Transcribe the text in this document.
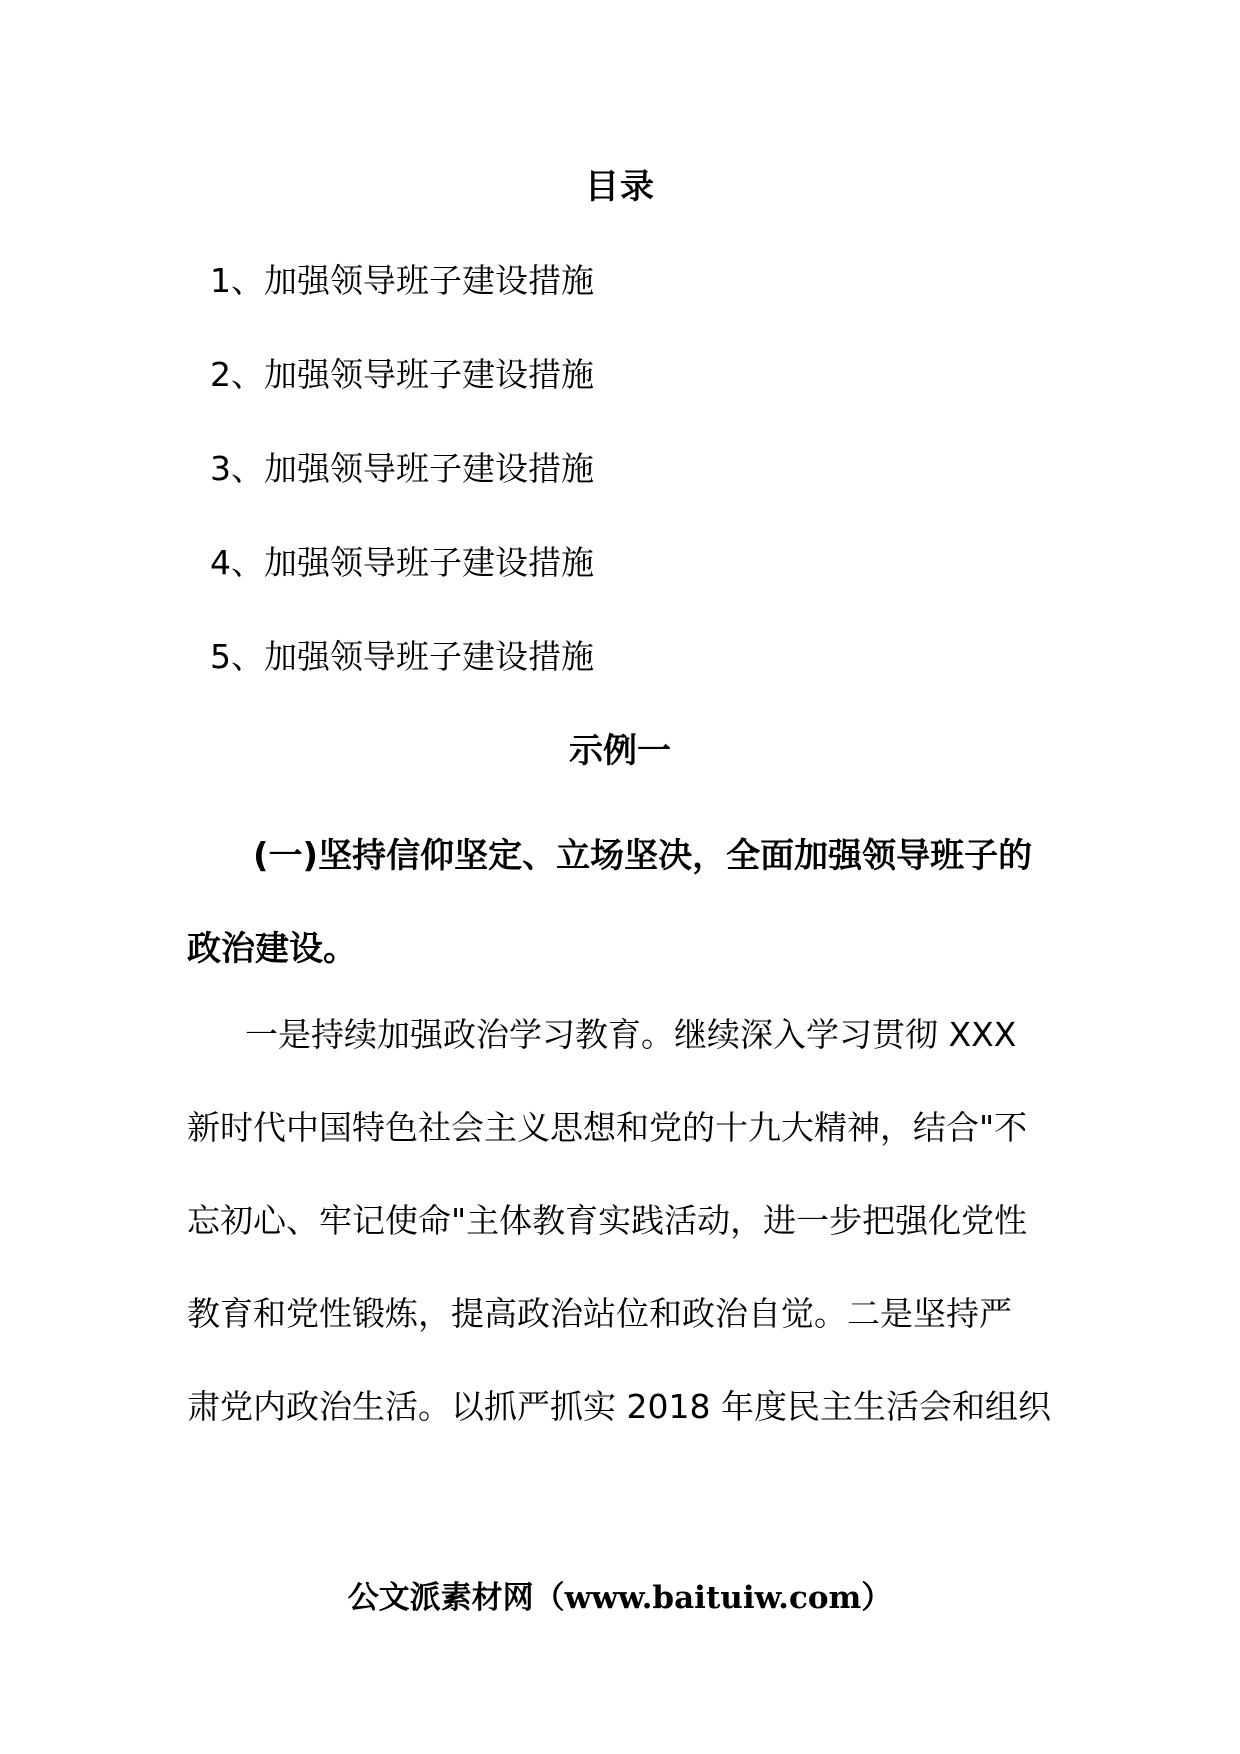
目录
1、加强领导班子建设措施
2、加强领导班子建设措施
3、加强领导班子建设措施
4、加强领导班子建设措施
5、加强领导班子建设措施
示例一

(一)坚持信仰坚定、立场坚决，全面加强领导班子的政治建设。

一是持续加强政治学习教育。继续深入学习贯彻 XXX
新时代中国特色社会主义思想和党的十九大精神，结合"不
忘初心、牢记使命"主体教育实践活动，进一步把强化党性
教育和党性锻炼，提高政治站位和政治自觉。二是坚持严
肃党内政治生活。以抓严抓实 2018 年度民主生活会和组织

公文派素材网（www.baituiw.com）
